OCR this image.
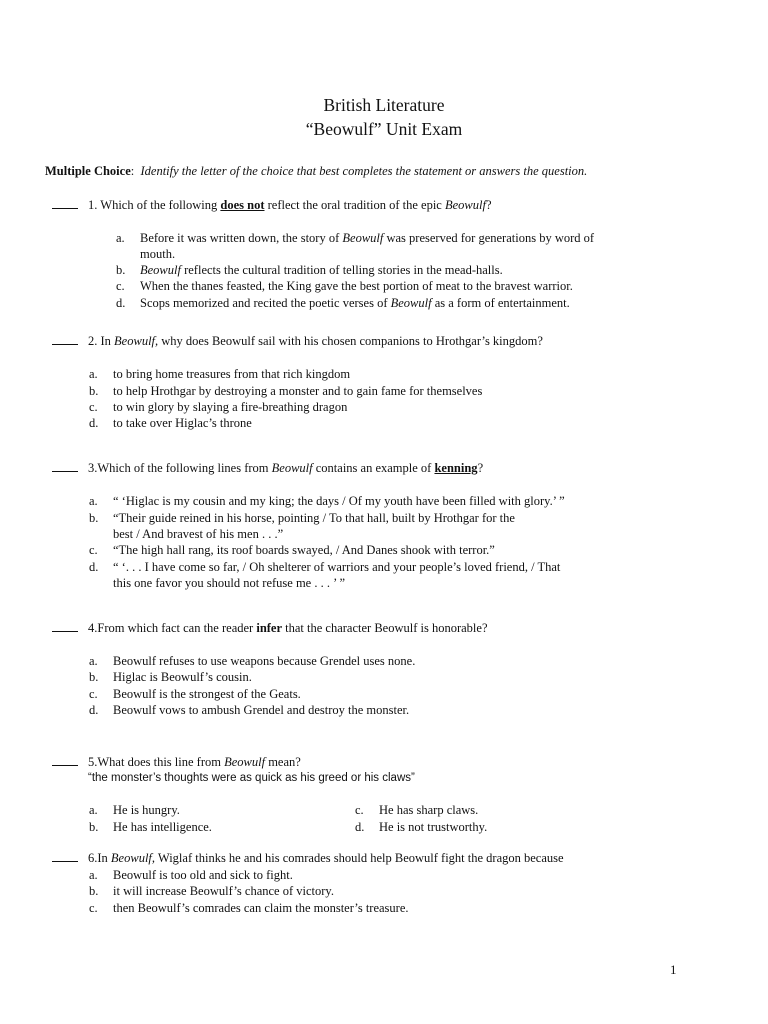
British Literature
“Beowulf” Unit Exam
Multiple Choice: Identify the letter of the choice that best completes the statement or answers the question.
1. Which of the following does not reflect the oral tradition of the epic Beowulf?
a. Before it was written down, the story of Beowulf was preserved for generations by word of
mouth.
b. Beowulf reflects the cultural tradition of telling stories in the mead-halls.
c. When the thanes feasted, the King gave the best portion of meat to the bravest warrior.
d. Scops memorized and recited the poetic verses of Beowulf as a form of entertainment.
2. In Beowulf, why does Beowulf sail with his chosen companions to Hrothgar’s kingdom?
a. to bring home treasures from that rich kingdom
b. to help Hrothgar by destroying a monster and to gain fame for themselves
c. to win glory by slaying a fire-breathing dragon
d. to take over Higlac’s throne
3.Which of the following lines from Beowulf contains an example of kenning?
a. “ ‘Higlac is my cousin and my king; the days / Of my youth have been filled with glory.’ ”
b. “Their guide reined in his horse, pointing / To that hall, built by Hrothgar for the
best / And bravest of his men . . .”
c. “The high hall rang, its roof boards swayed, / And Danes shook with terror.”
d. “ ‘. . . I have come so far, / Oh shelterer of warriors and your people’s loved friend, / That
this one favor you should not refuse me . . . ’ ”
4.From which fact can the reader infer that the character Beowulf is honorable?
a. Beowulf refuses to use weapons because Grendel uses none.
b. Higlac is Beowulf’s cousin.
c. Beowulf is the strongest of the Geats.
d. Beowulf vows to ambush Grendel and destroy the monster.
5.What does this line from Beowulf mean?
“the monster’s thoughts were as quick as his greed or his claws”
a. He is hungry.
b. He has intelligence.
c. He has sharp claws.
d. He is not trustworthy.
6.In Beowulf, Wiglaf thinks he and his comrades should help Beowulf fight the dragon because
a. Beowulf is too old and sick to fight.
b. it will increase Beowulf’s chance of victory.
c. then Beowulf’s comrades can claim the monster’s treasure.
1
